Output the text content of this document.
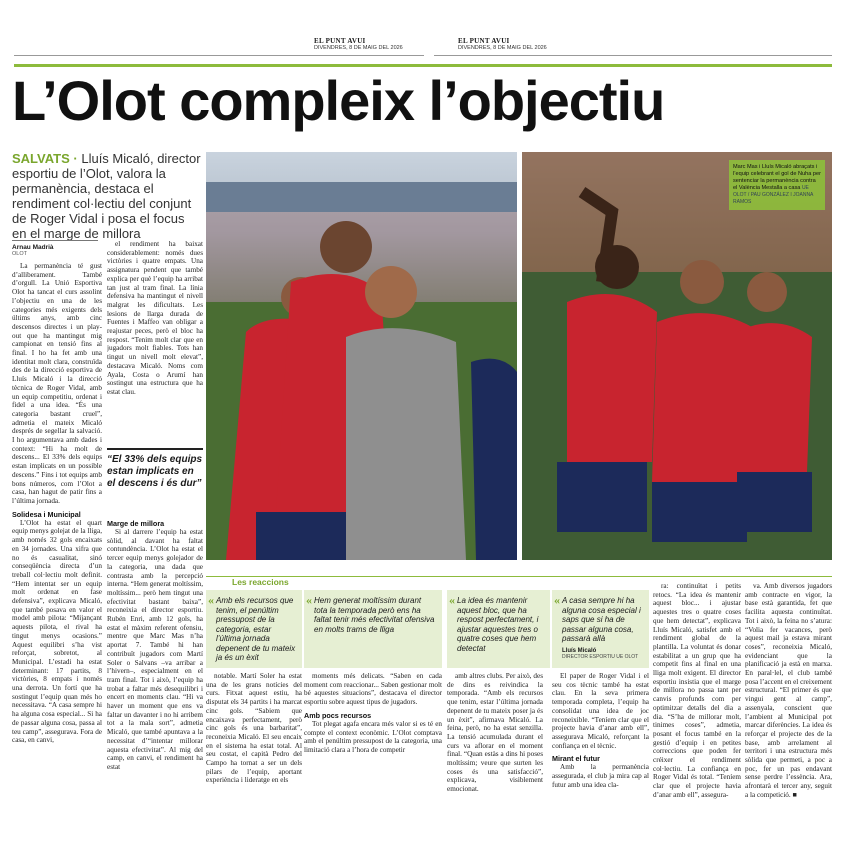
EL PUNT AVUI
DIVENDRES, 8 DE MAIG DEL 2026
EL PUNT AVUI
DIVENDRES, 8 DE MAIG DEL 2026
L’Olot compleix l’objectiu
SALVATS · Lluís Micaló, director esportiu de l’Olot, valora la permanència, destaca el rendiment col·lectiu del conjunt de Roger Vidal i posa el focus en el marge de millora
Arnau Madrià
OLOT

La permanència té gust d’alliberament. També d’orgull. La Unió Esportiva Olot ha tancat el curs assolint l’objectiu en una de les categories més exigents dels últims anys, amb cinc descensos directes i un play-out que ha mantingut mig campionat en tensió fins al final. I ho ha fet amb una identitat molt clara, construïda des de la direcció esportiva de Lluís Micaló i la direcció tècnica de Roger Vidal, amb un equip competitiu, ordenat i fidel a una idea. “És una categoria bastant cruel”, admetia el mateix Micaló després de segellar la salvació. I ho argumentava amb dades i context: “Hi ha molt de descens... El 33% dels equips estan implicats en un possible descens.” Fins i tot equips amb bons números, com l’Olot a casa, han hagut de patir fins a l’última jornada.

Solidesa i Municipal

L’Olot ha estat el quart equip menys golejat de la lliga, amb només 32 gols encaixats en 34 jornades. Una xifra que no és casualitat, sinó conseqüència directa d’un treball col·lectiu molt definit. “Hem intentat ser un equip molt ordenat en fase defensiva”, explicava Micaló, que també posava en valor el model amb pilota: “Mijançant aquests pilota, el rival ha tingut menys ocasions.” Aquest equilibri s’ha vist reforçat, sobretot, al Municipal. L’estadi ha estat determinant: 17 partits, 8 victòries, 8 empats i només una derrota. Un fortí que ha sostingut l’equip quan més ho necessitava. “A casa sempre hi ha alguna cosa especial... Si ha de passar alguna cosa, passa al teu camp”, assegurava. Fora de casa, en canvi,

el rendiment ha baixat considerablement: només dues victòries i quatre empats. Una assignatura pendent que també explica per què l’equip ha arribat tan just al tram final. La línia defensiva ha mantingut el nivell malgrat les dificultats. Les lesions de llarga durada de Fuentes i Maffeo van obligar a reajustar peces, però el bloc ha respost. “Tenim molt clar que en jugadors molt fiables. Tots han tingut un nivell molt elevat”, destacava Micaló. Noms com Ayala, Costa o Arumí han sostingut una estructura que ha estat clau.

“El 33% dels equips estan implicats en el descens i és dur”
Marge de millora

Si al darrere l’equip ha estat sòlid, al davant ha faltat contundència. L’Olot ha estat el tercer equip menys golejador de la categoria, una dada que contrasta amb la percepció interna. “Hem generat moltíssim, moltíssim... però hem tingut una efectivitat bastant baixa”, reconeixia el director esportiu. Rubén Enri, amb 12 gols, ha estat el màxim referent ofensiu, mentre que Marc Mas n’ha aportat 7. També hi han contribuït jugadors com Martí Soler o Salvans –va arribar a l’hivern–, especialment en el tram final. Tot i això, l’equip ha trobat a faltar més desequilibri i encert en moments clau. “Hi va haver un moment que ens va faltar un davanter i no hi arribem tot a la mala sort”, admetia Micaló, que també apuntava a la necessitat d’“intentar millorar aquesta efectivitat”. Al mig del camp, en canvi, el rendiment ha estat

Marc Mas i Lluís Micaló abraçats i l’equip celebrant el gol de Nuha per sentenciar la permanència contra el València Mestalla a casa UE OLOT / PAU GONZÁLEZ I JOANNA RAMOS
Les reaccions
« Amb els recursos que tenim, el penúltim pressupost de la categoria, estar l’última jornada depenent de tu mateix ja és un èxit
« Hem generat moltíssim durant tota la temporada però ens ha faltat tenir més efectivitat ofensiva en molts trams de lliga
« La idea és mantenir aquest bloc, que ha respost perfectament, i ajustar aquestes tres o quatre coses que hem detectat
« A casa sempre hi ha alguna cosa especial i saps que si ha de passar alguna cosa, passarà allà
Lluís Micaló
DIRECTOR ESPORTIU UE OLOT

notable. Martí Soler ha estat una de les grans notícies del curs. Fitxat aquest estiu, ha disputat els 34 partits i ha marcat cinc gols. “Sabiem que encaixava perfectament, però cinc gols és una barbaritat”, reconeixia Micaló. El seu encaix en el sistema ha estat total. Al seu costat, el capità Pedro del Campo ha tornat a ser un dels pilars de l’equip, aportant experiència i lideratge en els

moments més delicats. “Saben en cada moment com reaccionar... Saben gestionar molt bé aquestes situacions”, destacava el director esportiu sobre aquest tipus de jugadors.

Amb pocs recursos

Tot plegat agafa encara més valor si es té en compte el context econòmic. L’Olot comptava amb el penúltim pressupost de la categoria, una limitació clara a l’hora de competir

amb altres clubs. Per això, des de dins es reivindica la temporada. “Amb els recursos que tenim, estar l’última jornada depenent de tu mateix poser ja és un èxit”, afirmava Micaló. La feina, però, no ha estat senzilla. La tensió acumulada durant el curs va aflorar en el moment final. “Quan estàs a dins hi poses moltíssim; veure que surten les coses és una satisfacció”, explicava, visiblement emocionat.

El paper de Roger Vidal i el seu cos tècnic també ha estat clau. En la seva primera temporada completa, l’equip ha consolidat una idea de joc reconeixible. “Teníem clar que el projecte havia d’anar amb ell”, assegurava Micaló, reforçant la confiança en el tècnic.

Mirant el futur

Amb la permanència assegurada, el club ja mira cap al futur amb una idea cla-

ra: continuïtat i petits retocs. “La idea és mantenir aquest bloc... i ajustar aquestes tres o quatre coses que hem detectat”, explicava Lluís Micaló, satisfet amb el rendiment global de la plantilla. La voluntat és donar estabilitat a un grup que ha competit fins al final en una lliga molt exigent. El director esportiu insistia que el marge de millora no passa tant per canvis profunds com per optimitzar detalls del dia a dia. “S’ha de millorar molt, tinimes coses”, admetia, posant el focus també en la gestió d’equip i en petites correccions que poden fer créixer el rendiment col·lectiu. La confiança en Roger Vidal és total. “Teníem clar que el projecte havia d’anar amb ell”, assegura-

va. Amb diversos jugadors amb contracte en vigor, la base està garantida, fet que facilita aquesta continuïtat. Tot i això, la feina no s’atura: “Volia fer vacances, però aquest mail ja estava mirant coses”, reconeixia Micaló, evidenciant que la planificació ja està en marxa. En paral·lel, el club també posa l’accent en el creixement estructural. “El primer és que vingui gent al camp”, assenyala, conscient que l’ambient al Municipal pot marcar diferències. La idea és reforçar el projecte des de la base, amb arrelament al territori i una estructura més sòlida que permeti, a poc a poc, fer un pas endavant sense perdre l’essència. Ara, afrontarà el tercer any, seguit a la competició. ■
